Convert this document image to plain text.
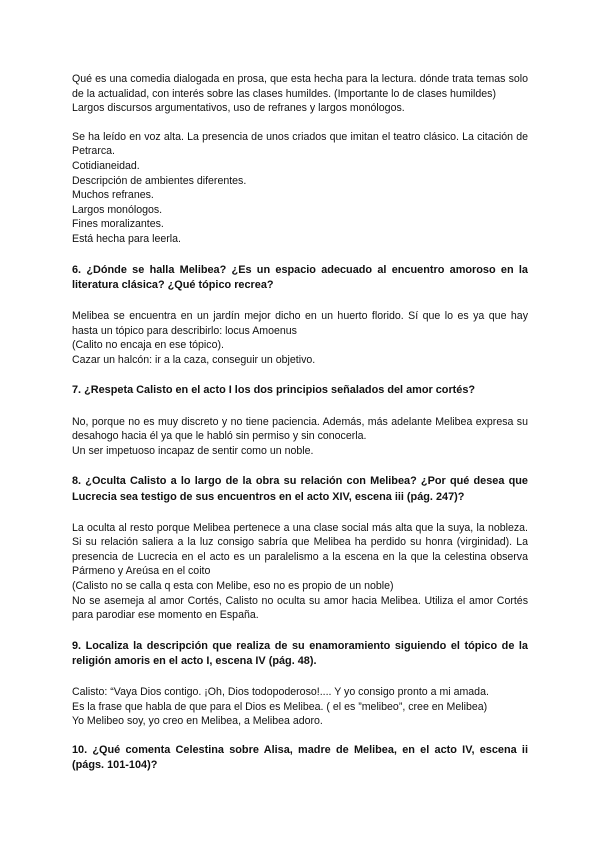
Qué es una comedia dialogada en prosa, que esta hecha para la lectura. dónde trata temas solo de la actualidad, con interés sobre las clases humildes. (Importante lo de clases humildes)

Largos discursos argumentativos, uso de refranes y largos monólogos.

Se ha leído en voz alta. La presencia de unos criados que imitan el teatro clásico. La citación de Petrarca.

Cotidianeidad.

Descripción de ambientes diferentes.

Muchos refranes.

Largos monólogos.

Fines moralizantes.

Está hecha para leerla.

6. ¿Dónde se halla Melibea? ¿Es un espacio adecuado al encuentro amoroso en la literatura clásica? ¿Qué tópico recrea?

Melibea se encuentra en un jardín mejor dicho en un huerto florido. Sí que lo es ya que hay hasta un tópico para describirlo: locus Amoenus

(Calito no encaja en ese tópico).

Cazar un halcón: ir a la caza, conseguir un objetivo.

7. ¿Respeta Calisto en el acto I los dos principios señalados del amor cortés?

No, porque no es muy discreto y no tiene paciencia. Además, más adelante Melibea expresa su desahogo hacia él ya que le habló sin permiso y sin conocerla.

Un ser impetuoso incapaz de sentir como un noble.

8. ¿Oculta Calisto a lo largo de la obra su relación con Melibea? ¿Por qué desea que Lucrecia sea testigo de sus encuentros en el acto XIV, escena iii (pág. 247)?

La oculta al resto porque Melibea pertenece a una clase social más alta que la suya, la nobleza. Si su relación saliera a la luz consigo sabría que Melibea ha perdido su honra (virginidad). La presencia de Lucrecia en el acto es un paralelismo a la escena en la que la celestina observa Pármeno y Areúsa en el coito

(Calisto no se calla q esta con Melibe, eso no es propio de un noble)

No se asemeja al amor Cortés, Calisto no oculta su amor hacia Melibea. Utiliza el amor Cortés para parodiar ese momento en España.

9. Localiza la descripción que realiza de su enamoramiento siguiendo el tópico de la religión amoris en el acto I, escena IV (pág. 48).

Calisto: “Vaya Dios contigo. ¡Oh, Dios todopoderoso!.... Y yo consigo pronto a mi amada.

Es la frase que habla de que para el Dios es Melibea. ( el es ”melibeo”, cree en Melibea)

Yo Melibeo soy, yo creo en Melibea, a Melibea adoro.

10. ¿Qué comenta Celestina sobre Alisa, madre de Melibea, en el acto IV, escena ii (págs. 101-104)?
